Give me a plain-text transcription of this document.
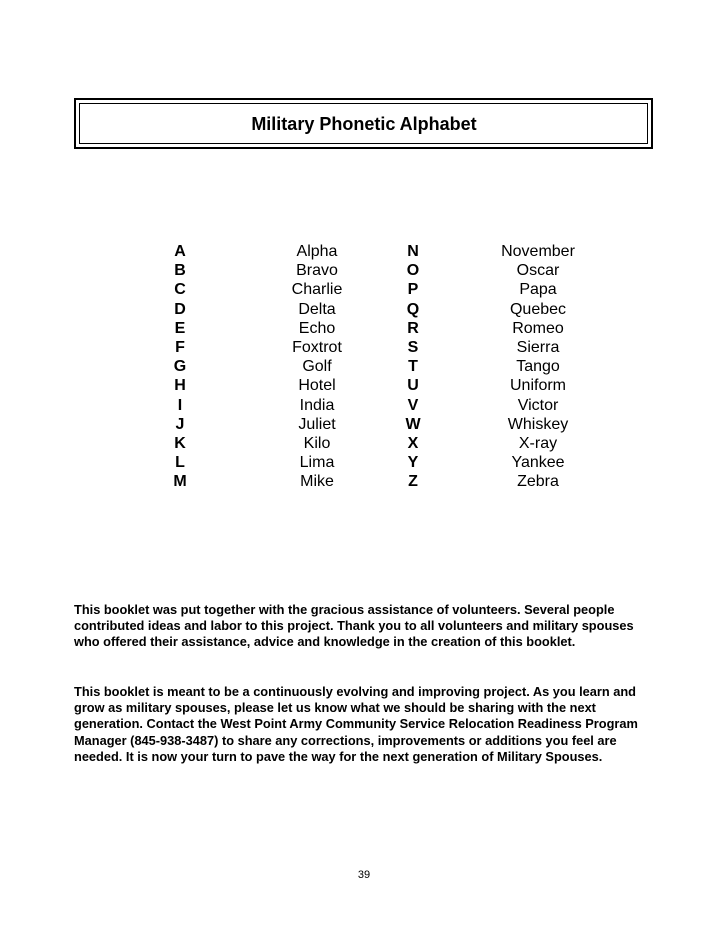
Military Phonetic Alphabet
A	Alpha	N	November
B	Bravo	O	Oscar
C	Charlie	P	Papa
D	Delta	Q	Quebec
E	Echo	R	Romeo
F	Foxtrot	S	Sierra
G	Golf	T	Tango
H	Hotel	U	Uniform
I	India	V	Victor
J	Juliet	W	Whiskey
K	Kilo	X	X-ray
L	Lima	Y	Yankee
M	Mike	Z	Zebra
This booklet was put together with the gracious assistance of volunteers. Several people contributed ideas and labor to this project. Thank you to all volunteers and military spouses who offered their assistance, advice and knowledge in the creation of this booklet.
This booklet is meant to be a continuously evolving and improving project. As you learn and grow as military spouses, please let us know what we should be sharing with the next generation. Contact the West Point Army Community Service Relocation Readiness Program Manager (845-938-3487) to share any corrections, improvements or additions you feel are needed. It is now your turn to pave the way for the next generation of Military Spouses.
39
